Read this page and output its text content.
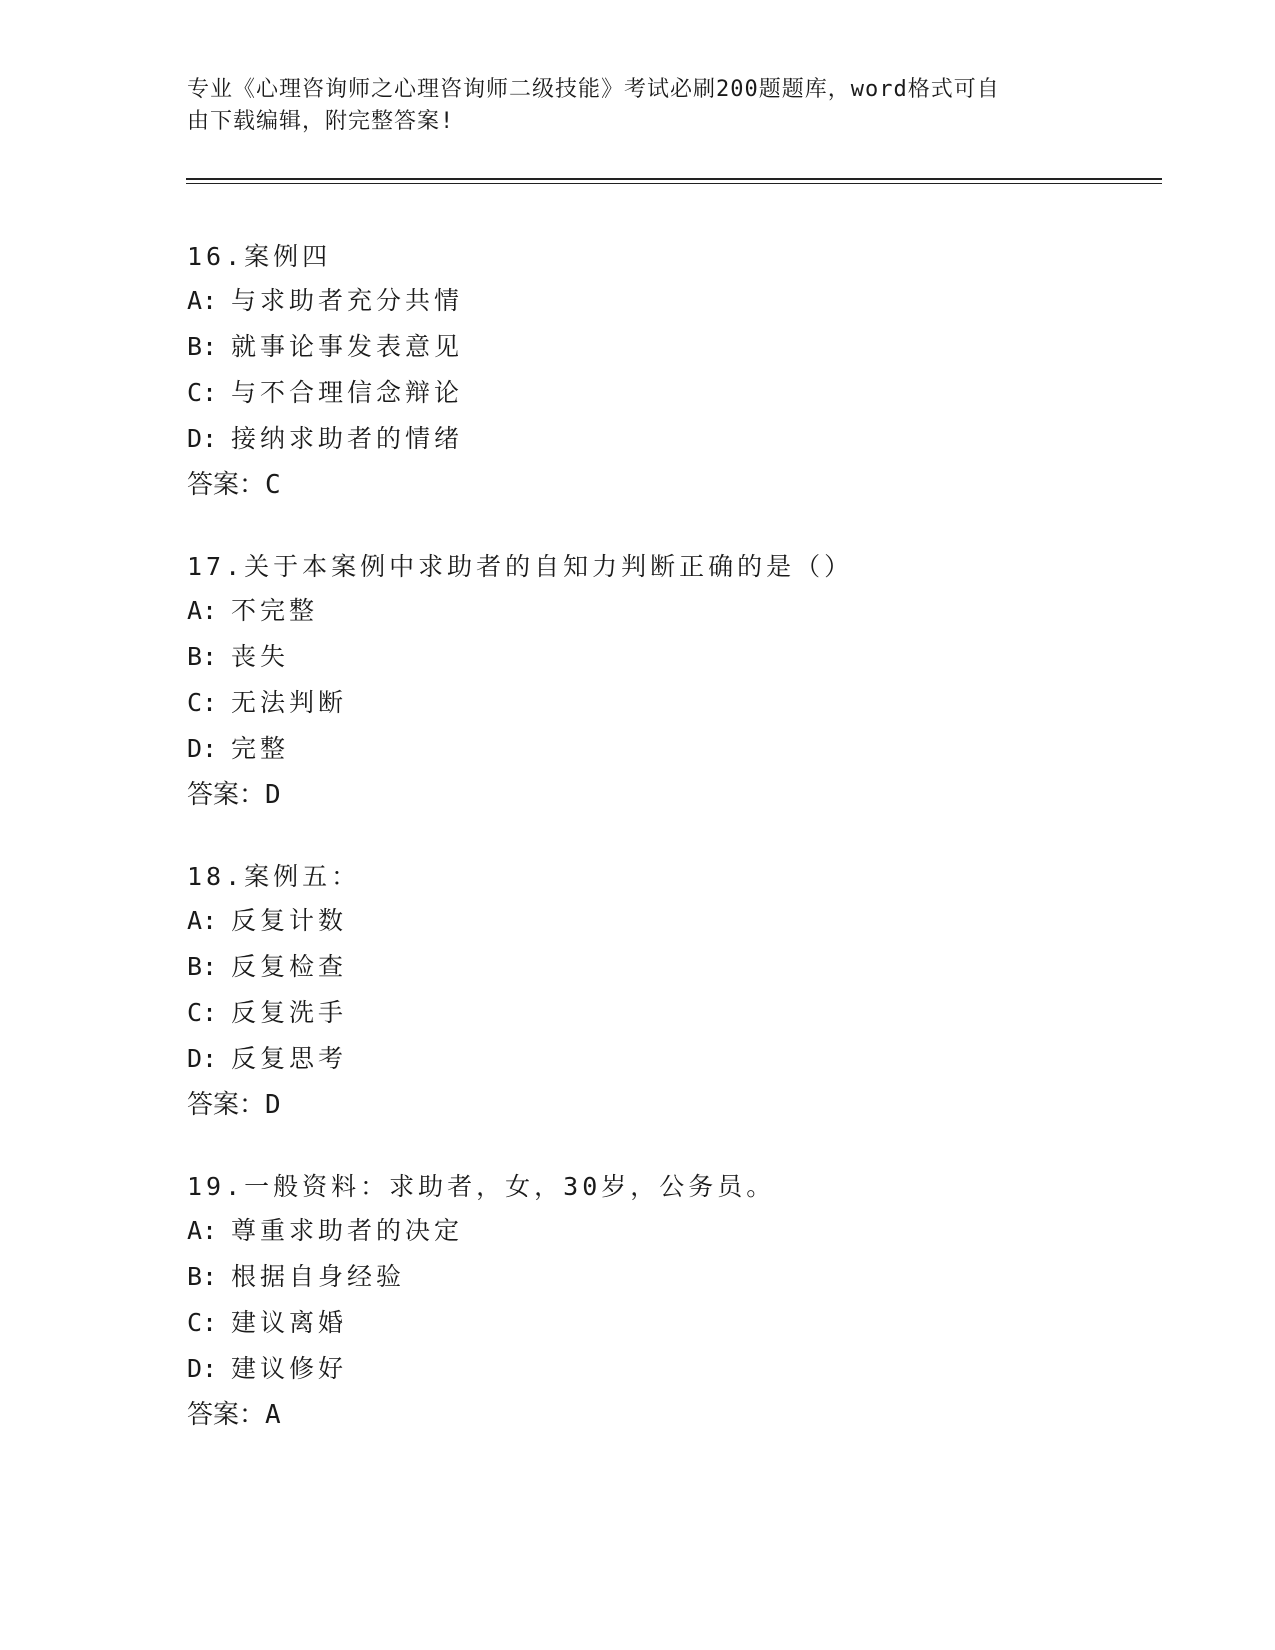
专业《心理咨询师之心理咨询师二级技能》考试必刷200题题库，word格式可自
由下载编辑，附完整答案!
16.案例四
A: 与求助者充分共情
B: 就事论事发表意见
C: 与不合理信念辩论
D: 接纳求助者的情绪
答案：C
17.关于本案例中求助者的自知力判断正确的是（）
A: 不完整
B: 丧失
C: 无法判断
D: 完整
答案：D
18.案例五：
A: 反复计数
B: 反复检查
C: 反复洗手
D: 反复思考
答案：D
19.一般资料：求助者，女，30岁，公务员。
A: 尊重求助者的决定
B: 根据自身经验
C: 建议离婚
D: 建议修好
答案：A
